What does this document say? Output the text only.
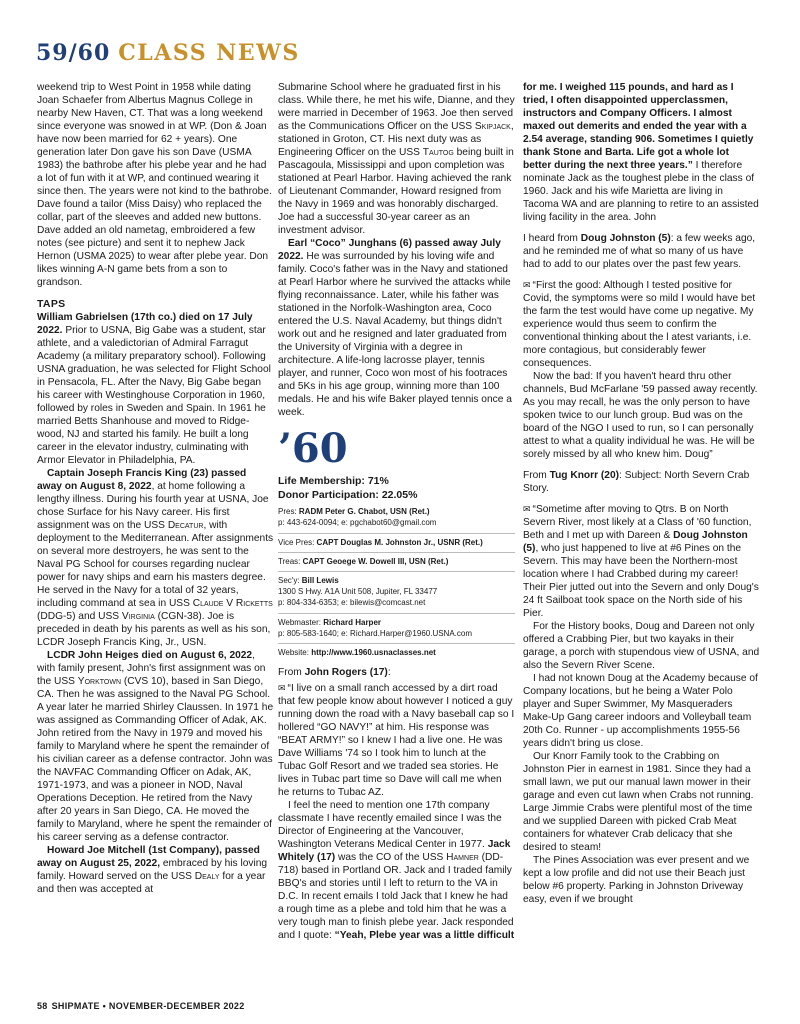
59/60 CLASS NEWS

weekend trip to West Point in 1958 while dating Joan Schaefer from Albertus Magnus College in nearby New Haven, CT. That was a long weekend since everyone was snowed in at WP. (Don & Joan have now been married for 62 + years). One generation later Don gave his son Dave (USMA 1983) the bathrobe after his plebe year and he had a lot of fun with it at WP, and continued wearing it since then. The years were not kind to the bathrobe. Dave found a tailor (Miss Daisy) who replaced the collar, part of the sleeves and added new buttons. Dave added an old nametag, embroidered a few notes (see picture) and sent it to nephew Jack Hernon (USMA 2025) to wear after plebe year. Don likes winning A-N game bets from a son to grandson.

TAPS

William Gabrielsen (17th co.) died on 17 July 2022. Prior to USNA, Big Gabe was a student, star athlete, and a valedictorian of Admiral Farragut Academy (a military preparatory school). Following USNA graduation, he was selected for Flight School in Pensacola, FL. After the Navy, Big Gabe began his career with Westinghouse Corporation in 1960, followed by roles in Sweden and Spain. In 1961 he married Betts Shanhouse and moved to Ridge-wood, NJ and started his family. He built a long career in the elevator industry, culminating with Armor Elevator in Philadelphia, PA.

Captain Joseph Francis King (23) passed away on August 8, 2022, at home following a lengthy illness. During his fourth year at USNA, Joe chose Surface for his Navy career. His first assignment was on the USS Decatur, with deployment to the Mediterranean. After assignments on several more destroyers, he was sent to the Naval PG School for courses regarding nuclear power for navy ships and earn his masters degree. He served in the Navy for a total of 32 years, including command at sea in USS Claude V Ricketts (DDG-5) and USS Virginia (CGN-38). Joe is preceded in death by his parents as well as his son, LCDR Joseph Francis King, Jr., USN.

LCDR John Heiges died on August 6, 2022, with family present, John's first assignment was on the USS Yorktown (CVS 10), based in San Diego, CA. Then he was assigned to the Naval PG School. A year later he married Shirley Claussen. In 1971 he was assigned as Commanding Officer of Adak, AK. John retired from the Navy in 1979 and moved his family to Maryland where he spent the remainder of his civilian career as a defense contractor. John was the NAVFAC Commanding Officer on Adak, AK, 1971-1973, and was a pioneer in NOD, Naval Operations Deception. He retired from the Navy after 20 years in San Diego, CA. He moved the family to Maryland, where he spent the remainder of his career serving as a defense contractor.

Howard Joe Mitchell (1st Company), passed away on August 25, 2022, embraced by his loving family. Howard served on the USS Dealy for a year and then was accepted at

Submarine School where he graduated first in his class. While there, he met his wife, Dianne, and they were married in December of 1963. Joe then served as the Communications Officer on the USS Skipjack, stationed in Groton, CT. His next duty was as Engineering Officer on the USS Tautog being built in Pascagoula, Mississippi and upon completion was stationed at Pearl Harbor. Having achieved the rank of Lieutenant Commander, Howard resigned from the Navy in 1969 and was honorably discharged. Joe had a successful 30-year career as an investment advisor.

Earl “Coco” Junghans (6) passed away July 2022. He was surrounded by his loving wife and family. Coco's father was in the Navy and stationed at Pearl Harbor where he survived the attacks while flying reconnaissance. Later, while his father was stationed in the Norfolk-Washington area, Coco entered the U.S. Naval Academy, but things didn't work out and he resigned and later graduated from the University of Virginia with a degree in architecture. A life-long lacrosse player, tennis player, and runner, Coco won most of his footraces and 5Ks in his age group, winning more than 100 medals. He and his wife Baker played tennis once a week.

’60
Life Membership: 71%
Donor Participation: 22.05%
Pres: RADM Peter G. Chabot, USN (Ret.)
p: 443-624-0094; e: pgchabot60@gmail.com
Vice Pres: CAPT Douglas M. Johnston Jr., USNR (Ret.)
Treas: CAPT Geoege W. Dowell III, USN (Ret.)
Sec'y: Bill Lewis
1300 S Hwy. A1A Unit 508, Jupiter, FL 33477
p: 804-334-6353; e: bilewis@comcast.net
Webmaster: Richard Harper
p: 805-583-1640; e: Richard.Harper@1960.USNA.com
Website: http://www.1960.usnaclasses.net

From John Rogers (17):

✉ “I live on a small ranch accessed by a dirt road that few people know about however I noticed a guy running down the road with a Navy baseball cap so I hollered “GO NAVY!” at him. His response was “BEAT ARMY!” so I knew I had a live one. He was Dave Williams '74 so I took him to lunch at the Tubac Golf Resort and we traded sea stories. He lives in Tubac part time so Dave will call me when he returns to Tubac AZ.

I feel the need to mention one 17th company classmate I have recently emailed since I was the Director of Engineering at the Vancouver, Washington Veterans Medical Center in 1977. Jack Whitely (17) was the CO of the USS Hamner (DD-718) based in Portland OR. Jack and I traded family BBQ's and stories until I left to return to the VA in D.C. In recent emails I told Jack that I knew he had a rough time as a plebe and told him that he was a very tough man to finish plebe year. Jack responded and I quote: “Yeah, Plebe year was a little difficult

for me. I weighed 115 pounds, and hard as I tried, I often disappointed upperclassmen, instructors and Company Officers. I almost maxed out demerits and ended the year with a 2.54 average, standing 906. Sometimes I quietly thank Stone and Barta. Life got a whole lot better during the next three years.” I therefore nominate Jack as the toughest plebe in the class of 1960. Jack and his wife Marietta are living in Tacoma WA and are planning to retire to an assisted living facility in the area. John

I heard from Doug Johnston (5): a few weeks ago, and he reminded me of what so many of us have had to add to our plates over the past few years.

✉ “First the good: Although I tested positive for Covid, the symptoms were so mild I would have bet the farm the test would have come up negative. My experience would thus seem to confirm the conventional thinking about the l atest variants, i.e. more contagious, but considerably fewer consequences.

Now the bad: If you haven't heard thru other channels, Bud McFarlane '59 passed away recently. As you may recall, he was the only person to have spoken twice to our lunch group. Bud was on the board of the NGO I used to run, so I can personally attest to what a quality individual he was. He will be sorely missed by all who knew him. Doug”

From Tug Knorr (20): Subject: North Severn Crab Story.

✉ “Sometime after moving to Qtrs. B on North Severn River, most likely at a Class of '60 function, Beth and I met up with Dareen & Doug Johnston (5), who just happened to live at #6 Pines on the Severn. This may have been the Northern-most location where I had Crabbed during my career! Their Pier jutted out into the Severn and only Doug's 24 ft Sailboat took space on the North side of his Pier.

For the History books, Doug and Dareen not only offered a Crabbing Pier, but two kayaks in their garage, a porch with stupendous view of USNA, and also the Severn River Scene.

I had not known Doug at the Academy because of Company locations, but he being a Water Polo player and Super Swimmer, My Masqueraders Make-Up Gang career indoors and Volleyball team 20th Co. Runner - up accomplishments 1955-56 years didn't bring us close.

Our Knorr Family took to the Crabbing on Johnston Pier in earnest in 1981. Since they had a small lawn, we put our manual lawn mower in their garage and even cut lawn when Crabs not running. Large Jimmie Crabs were plentiful most of the time and we supplied Dareen with picked Crab Meat containers for whatever Crab delicacy that she desired to steam!

The Pines Association was ever present and we kept a low profile and did not use their Beach just below #6 property. Parking in Johnston Driveway easy, even if we brought

58 SHIPMATE • NOVEMBER-DECEMBER 2022
